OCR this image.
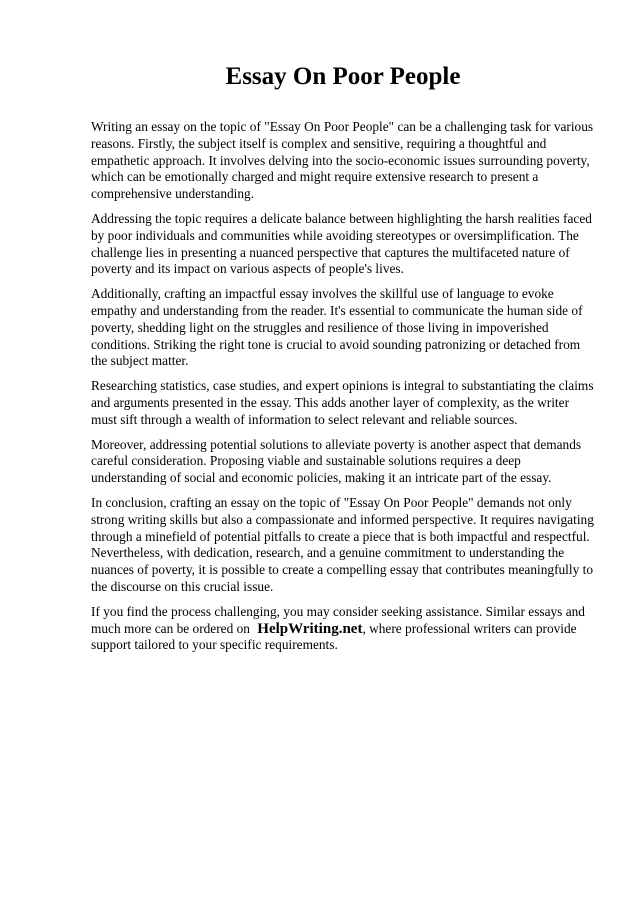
Essay On Poor People

Writing an essay on the topic of "Essay On Poor People" can be a challenging task for various reasons. Firstly, the subject itself is complex and sensitive, requiring a thoughtful and empathetic approach. It involves delving into the socio-economic issues surrounding poverty, which can be emotionally charged and might require extensive research to present a comprehensive understanding.

Addressing the topic requires a delicate balance between highlighting the harsh realities faced by poor individuals and communities while avoiding stereotypes or oversimplification. The challenge lies in presenting a nuanced perspective that captures the multifaceted nature of poverty and its impact on various aspects of people's lives.

Additionally, crafting an impactful essay involves the skillful use of language to evoke empathy and understanding from the reader. It's essential to communicate the human side of poverty, shedding light on the struggles and resilience of those living in impoverished conditions. Striking the right tone is crucial to avoid sounding patronizing or detached from the subject matter.

Researching statistics, case studies, and expert opinions is integral to substantiating the claims and arguments presented in the essay. This adds another layer of complexity, as the writer must sift through a wealth of information to select relevant and reliable sources.

Moreover, addressing potential solutions to alleviate poverty is another aspect that demands careful consideration. Proposing viable and sustainable solutions requires a deep understanding of social and economic policies, making it an intricate part of the essay.

In conclusion, crafting an essay on the topic of "Essay On Poor People" demands not only strong writing skills but also a compassionate and informed perspective. It requires navigating through a minefield of potential pitfalls to create a piece that is both impactful and respectful. Nevertheless, with dedication, research, and a genuine commitment to understanding the nuances of poverty, it is possible to create a compelling essay that contributes meaningfully to the discourse on this crucial issue.

If you find the process challenging, you may consider seeking assistance. Similar essays and much more can be ordered on HelpWriting.net, where professional writers can provide support tailored to your specific requirements.
